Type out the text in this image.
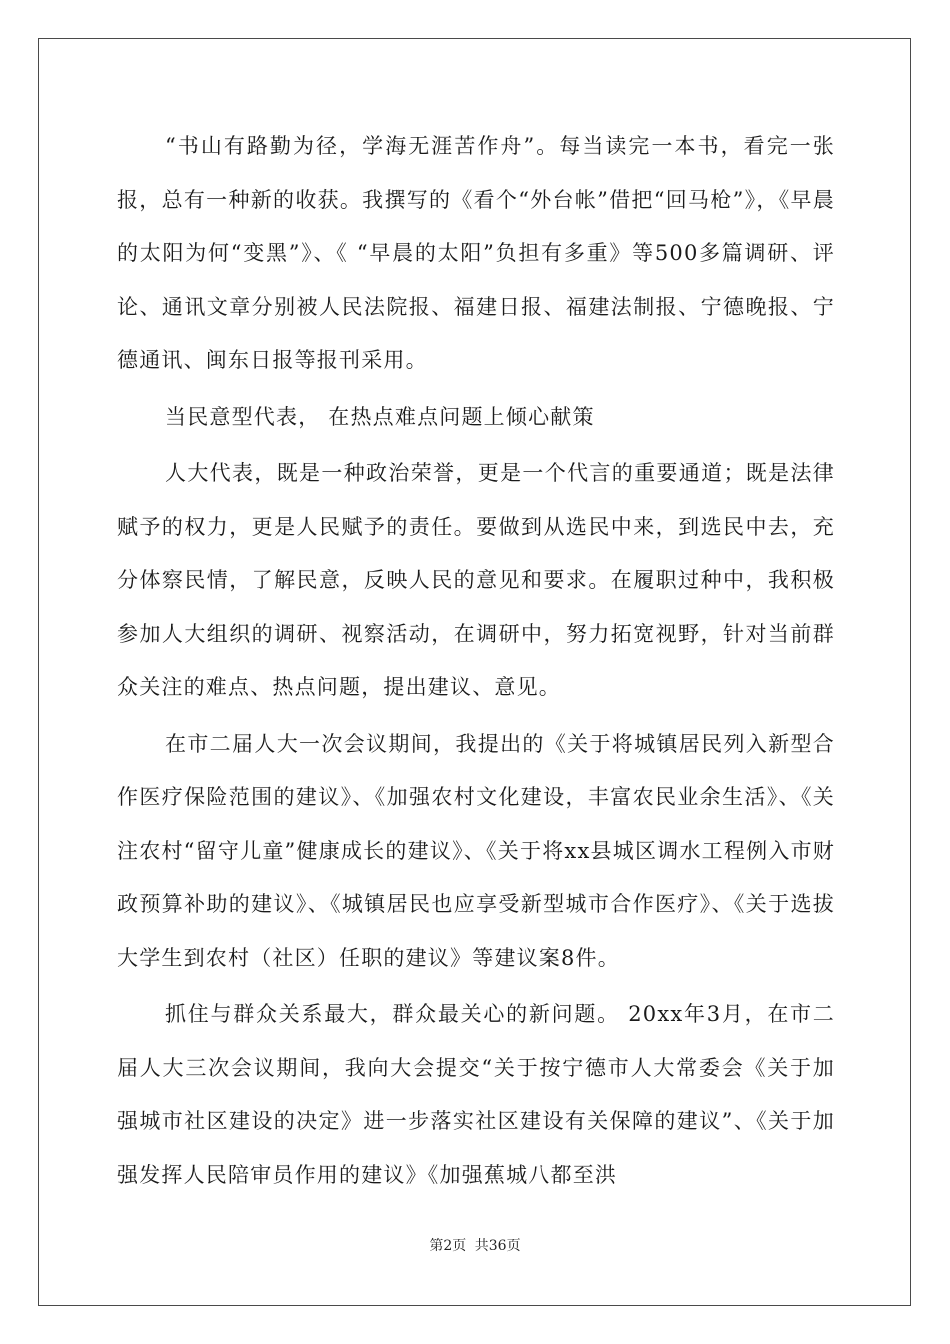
“书山有路勤为径，学海无涯苦作舟”。每当读完一本书，看完一张报，总有一种新的收获。我撰写的《看个“外台帐”借把“回马枪”》，《早晨的太阳为何“变黑”》、《 “早晨的太阳”负担有多重》等500多篇调研、评论、通讯文章分别被人民法院报、福建日报、福建法制报、宁德晚报、宁德通讯、闽东日报等报刊采用。

当民意型代表， 在热点难点问题上倾心献策

人大代表，既是一种政治荣誉，更是一个代言的重要通道；既是法律赋予的权力，更是人民赋予的责任。要做到从选民中来，到选民中去，充分体察民情，了解民意，反映人民的意见和要求。在履职过种中，我积极参加人大组织的调研、视察活动，在调研中，努力拓宽视野，针对当前群众关注的难点、热点问题，提出建议、意见。

在市二届人大一次会议期间，我提出的《关于将城镇居民列入新型合作医疗保险范围的建议》、《加强农村文化建设，丰富农民业余生活》、《关注农村“留守儿童”健康成长的建议》、《关于将xx县城区调水工程例入市财政预算补助的建议》、《城镇居民也应享受新型城市合作医疗》、《关于选拔大学生到农村（社区）任职的建议》等建议案8件。

抓住与群众关系最大，群众最关心的新问题。 20xx年3月，在市二届人大三次会议期间，我向大会提交“关于按宁德市人大常委会《关于加强城市社区建设的决定》进一步落实社区建设有关保障的建议”、《关于加强发挥人民陪审员作用的建议》《加强蕉城八都至洪

第2页 共36页
